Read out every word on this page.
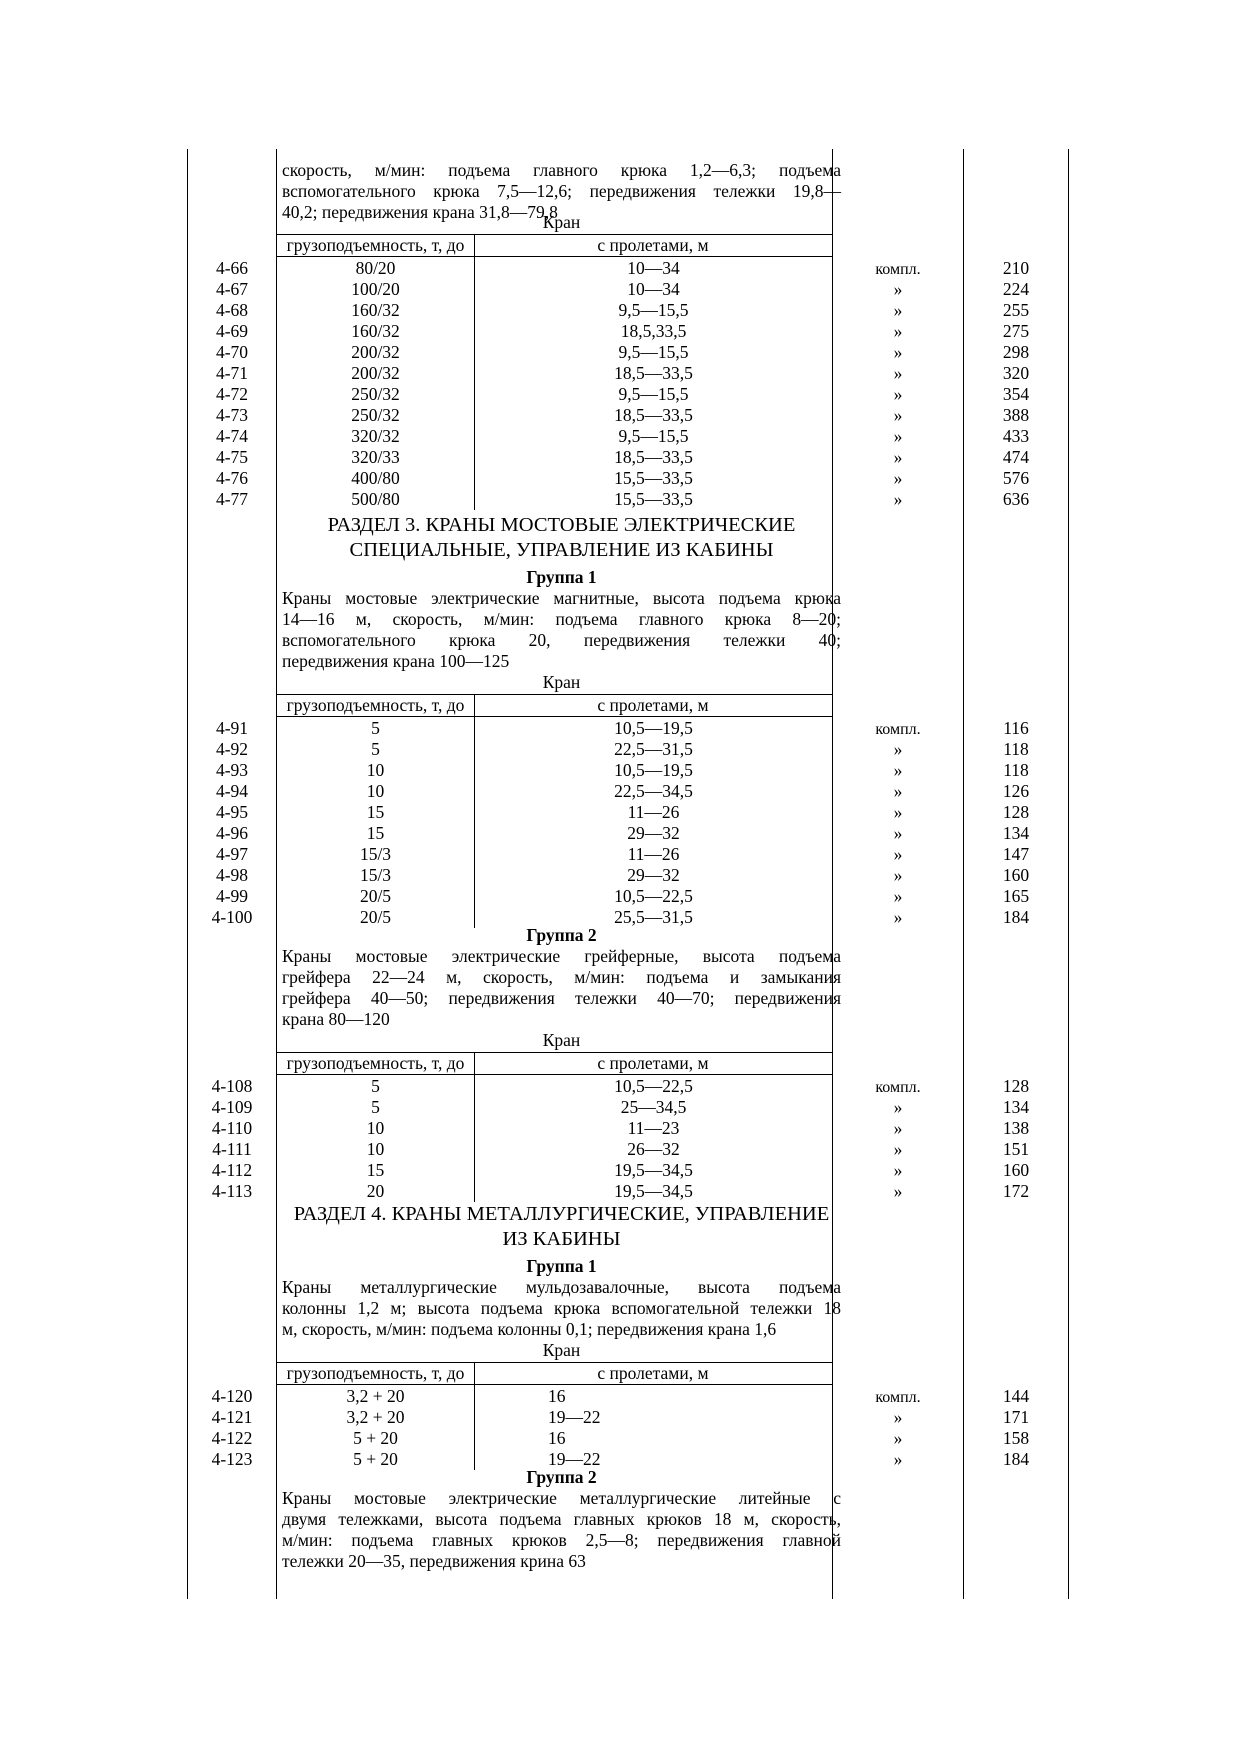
скорость, м/мин: подъема главного крюка 1,2—6,3; подъема
вспомогательного крюка 7,5—12,6; передвижения тележки 19,8—
40,2; передвижения крана 31,8—79,8
Кран
грузоподъемность, т, до	с пролетами, м
4-66	80/20	10—34	компл.	210
4-67	100/20	10—34	»	224
4-68	160/32	9,5—15,5	»	255
4-69	160/32	18,5,33,5	»	275
4-70	200/32	9,5—15,5	»	298
4-71	200/32	18,5—33,5	»	320
4-72	250/32	9,5—15,5	»	354
4-73	250/32	18,5—33,5	»	388
4-74	320/32	9,5—15,5	»	433
4-75	320/33	18,5—33,5	»	474
4-76	400/80	15,5—33,5	»	576
4-77	500/80	15,5—33,5	»	636
РАЗДЕЛ 3. КРАНЫ МОСТОВЫЕ ЭЛЕКТРИЧЕСКИЕ
СПЕЦИАЛЬНЫЕ, УПРАВЛЕНИЕ ИЗ КАБИНЫ
Группа 1
Краны мостовые электрические магнитные, высота подъема крюка
14—16 м, скорость, м/мин: подъема главного крюка 8—20;
вспомогательного крюка 20, передвижения тележки 40;
передвижения крана 100—125
Кран
грузоподъемность, т, до	с пролетами, м
4-91	5	10,5—19,5	компл.	116
4-92	5	22,5—31,5	»	118
4-93	10	10,5—19,5	»	118
4-94	10	22,5—34,5	»	126
4-95	15	11—26	»	128
4-96	15	29—32	»	134
4-97	15/3	11—26	»	147
4-98	15/3	29—32	»	160
4-99	20/5	10,5—22,5	»	165
4-100	20/5	25,5—31,5	»	184
Группа 2
Краны мостовые электрические грейферные, высота подъема
грейфера 22—24 м, скорость, м/мин: подъема и замыкания
грейфера 40—50; передвижения тележки 40—70; передвижения
крана 80—120
Кран
грузоподъемность, т, до	с пролетами, м
4-108	5	10,5—22,5	компл.	128
4-109	5	25—34,5	»	134
4-110	10	11—23	»	138
4-111	10	26—32	»	151
4-112	15	19,5—34,5	»	160
4-113	20	19,5—34,5	»	172
РАЗДЕЛ 4. КРАНЫ МЕТАЛЛУРГИЧЕСКИЕ, УПРАВЛЕНИЕ
ИЗ КАБИНЫ
Группа 1
Краны металлургические мульдозавалочные, высота подъема
колонны 1,2 м; высота подъема крюка вспомогательной тележки 18
м, скорость, м/мин: подъема колонны 0,1; передвижения крана 1,6
Кран
грузоподъемность, т, до	с пролетами, м
4-120	3,2 + 20	16	компл.	144
4-121	3,2 + 20	19—22	»	171
4-122	5 + 20	16	»	158
4-123	5 + 20	19—22	»	184
Группа 2
Краны мостовые электрические металлургические литейные с
двумя тележками, высота подъема главных крюков 18 м, скорость,
м/мин: подъема главных крюков 2,5—8; передвижения главной
тележки 20—35, передвижения крина 63
